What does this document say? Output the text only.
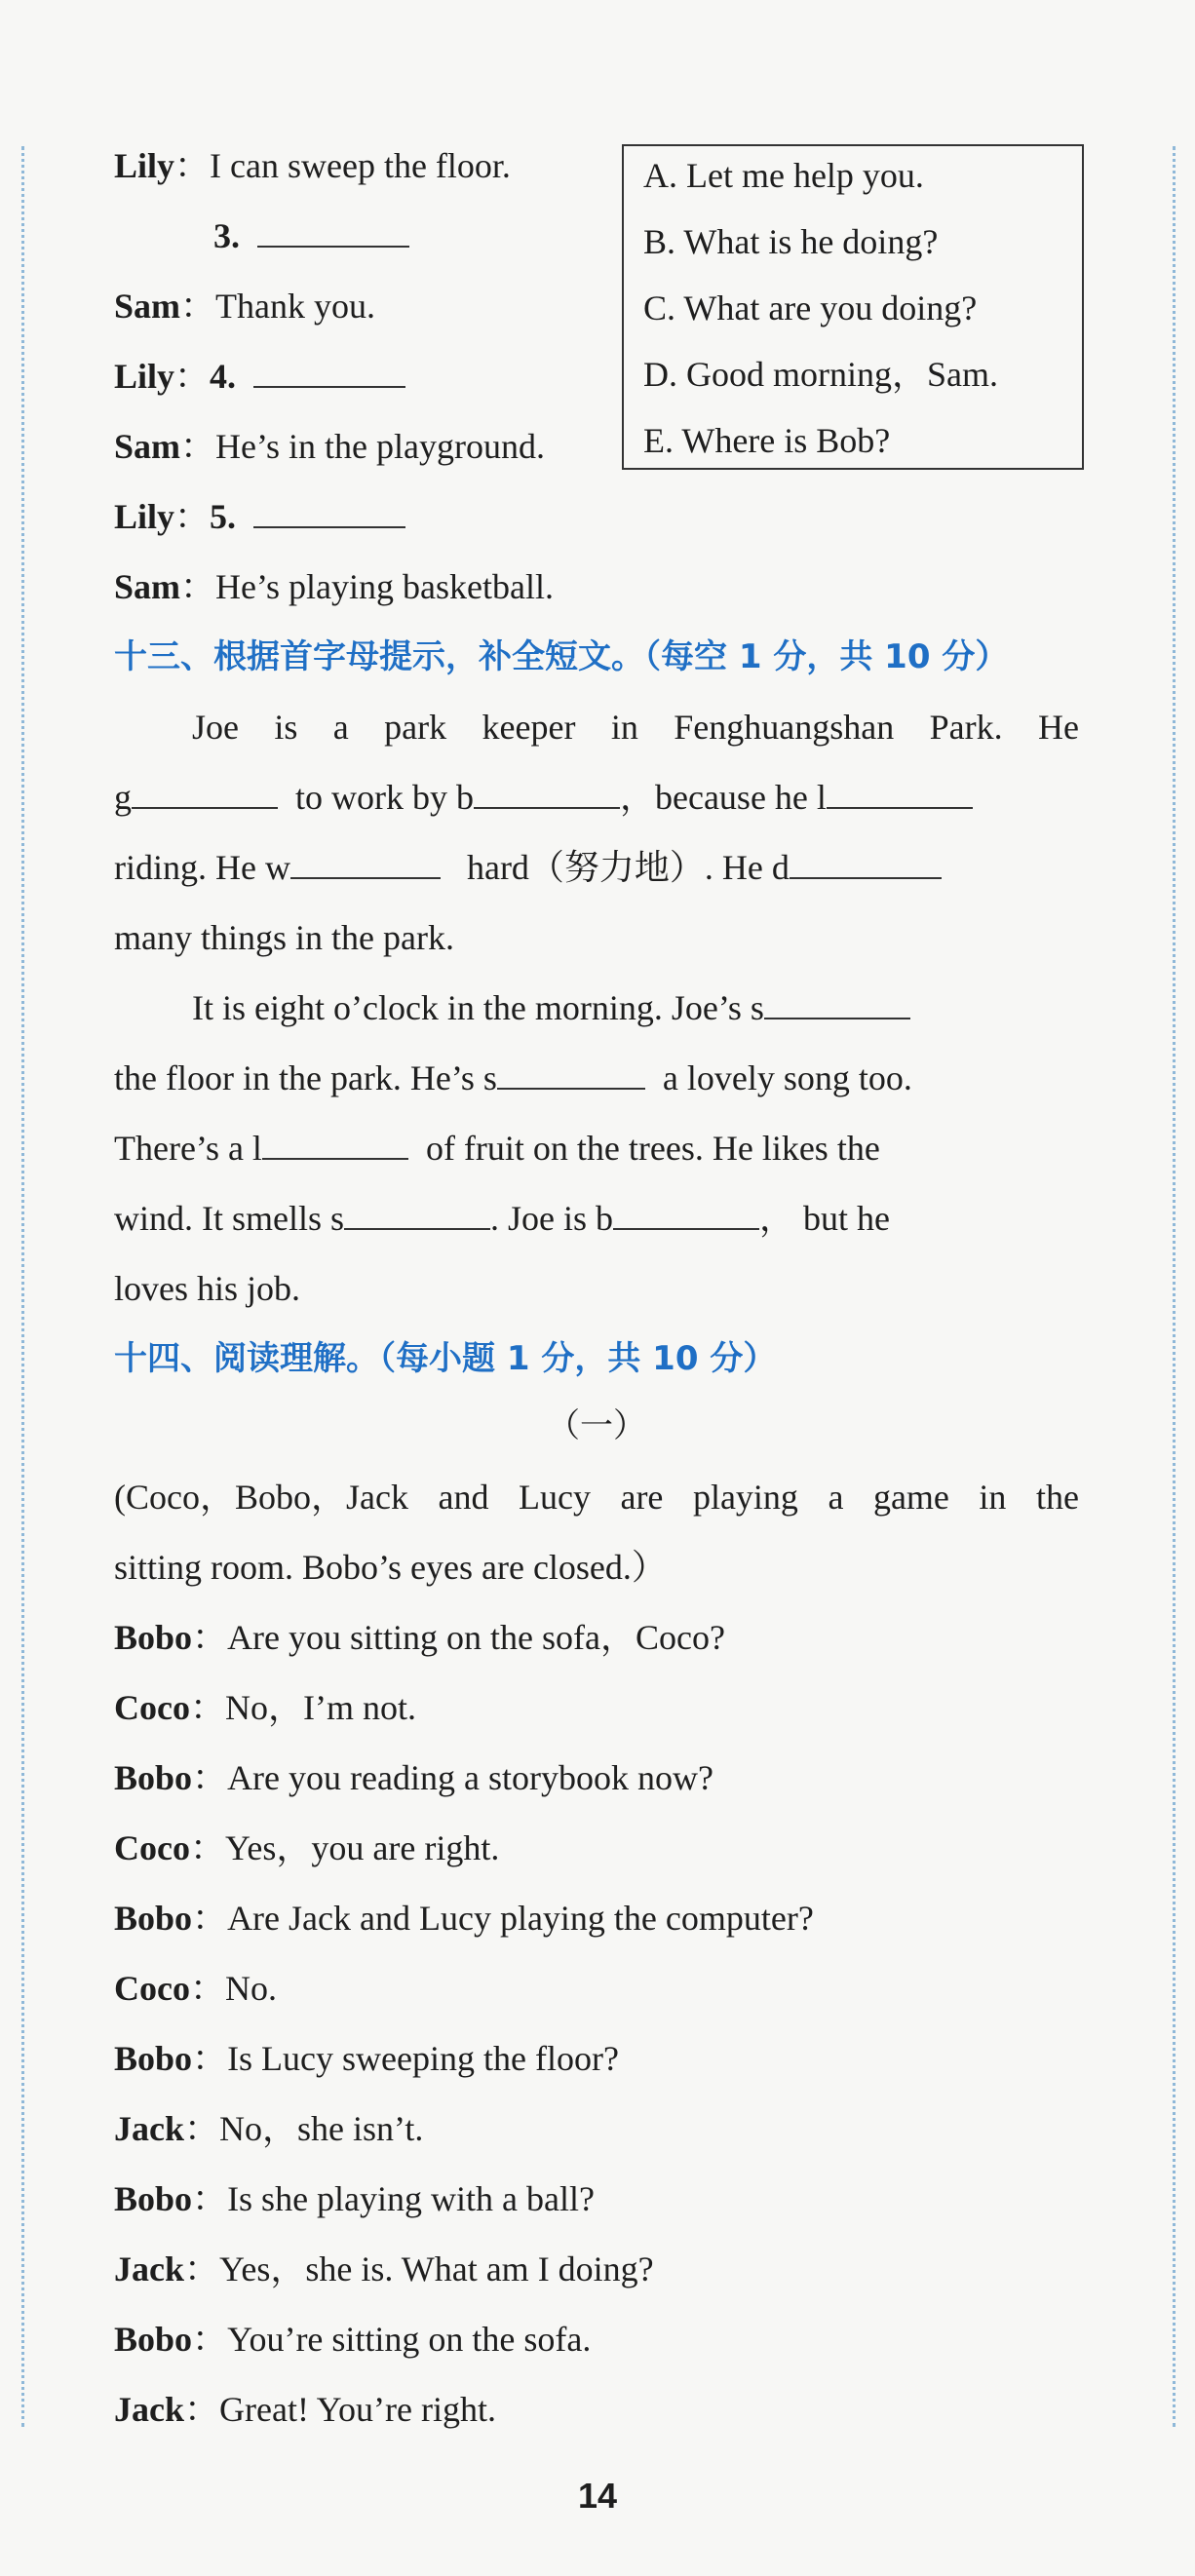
Lily：I can sweep the floor.
3.
Sam：Thank you.
Lily：4.
Sam：He’s in the playground.
Lily：5.
Sam：He’s playing basketball.
A. Let me help you.
B. What is he doing?
C. What are you doing?
D. Good morning，Sam.
E. Where is Bob?
十三、根据首字母提示，补全短文。（每空 1 分，共 10 分）
Joe is a park keeper in Fenghuangshan Park. He
g	to work by b	，because he l
riding. He w	hard（努力地）. He d
many things in the park.
It is eight o’clock in the morning. Joe’s s
the floor in the park. He’s s	a lovely song too.
There’s a l	of fruit on the trees. He likes the
wind. It smells s	. Joe is b	， but he
loves his job.
十四、阅读理解。（每小题 1 分，共 10 分）
（一）
(Coco，Bobo，Jack and Lucy are playing a game in the
sitting room. Bobo’s eyes are closed.）
Bobo：Are you sitting on the sofa，Coco?
Coco：No，I’m not.
Bobo：Are you reading a storybook now?
Coco：Yes，you are right.
Bobo：Are Jack and Lucy playing the computer?
Coco：No.
Bobo：Is Lucy sweeping the floor?
Jack：No，she isn’t.
Bobo：Is she playing with a ball?
Jack：Yes，she is. What am I doing?
Bobo：You’re sitting on the sofa.
Jack：Great! You’re right.
14
